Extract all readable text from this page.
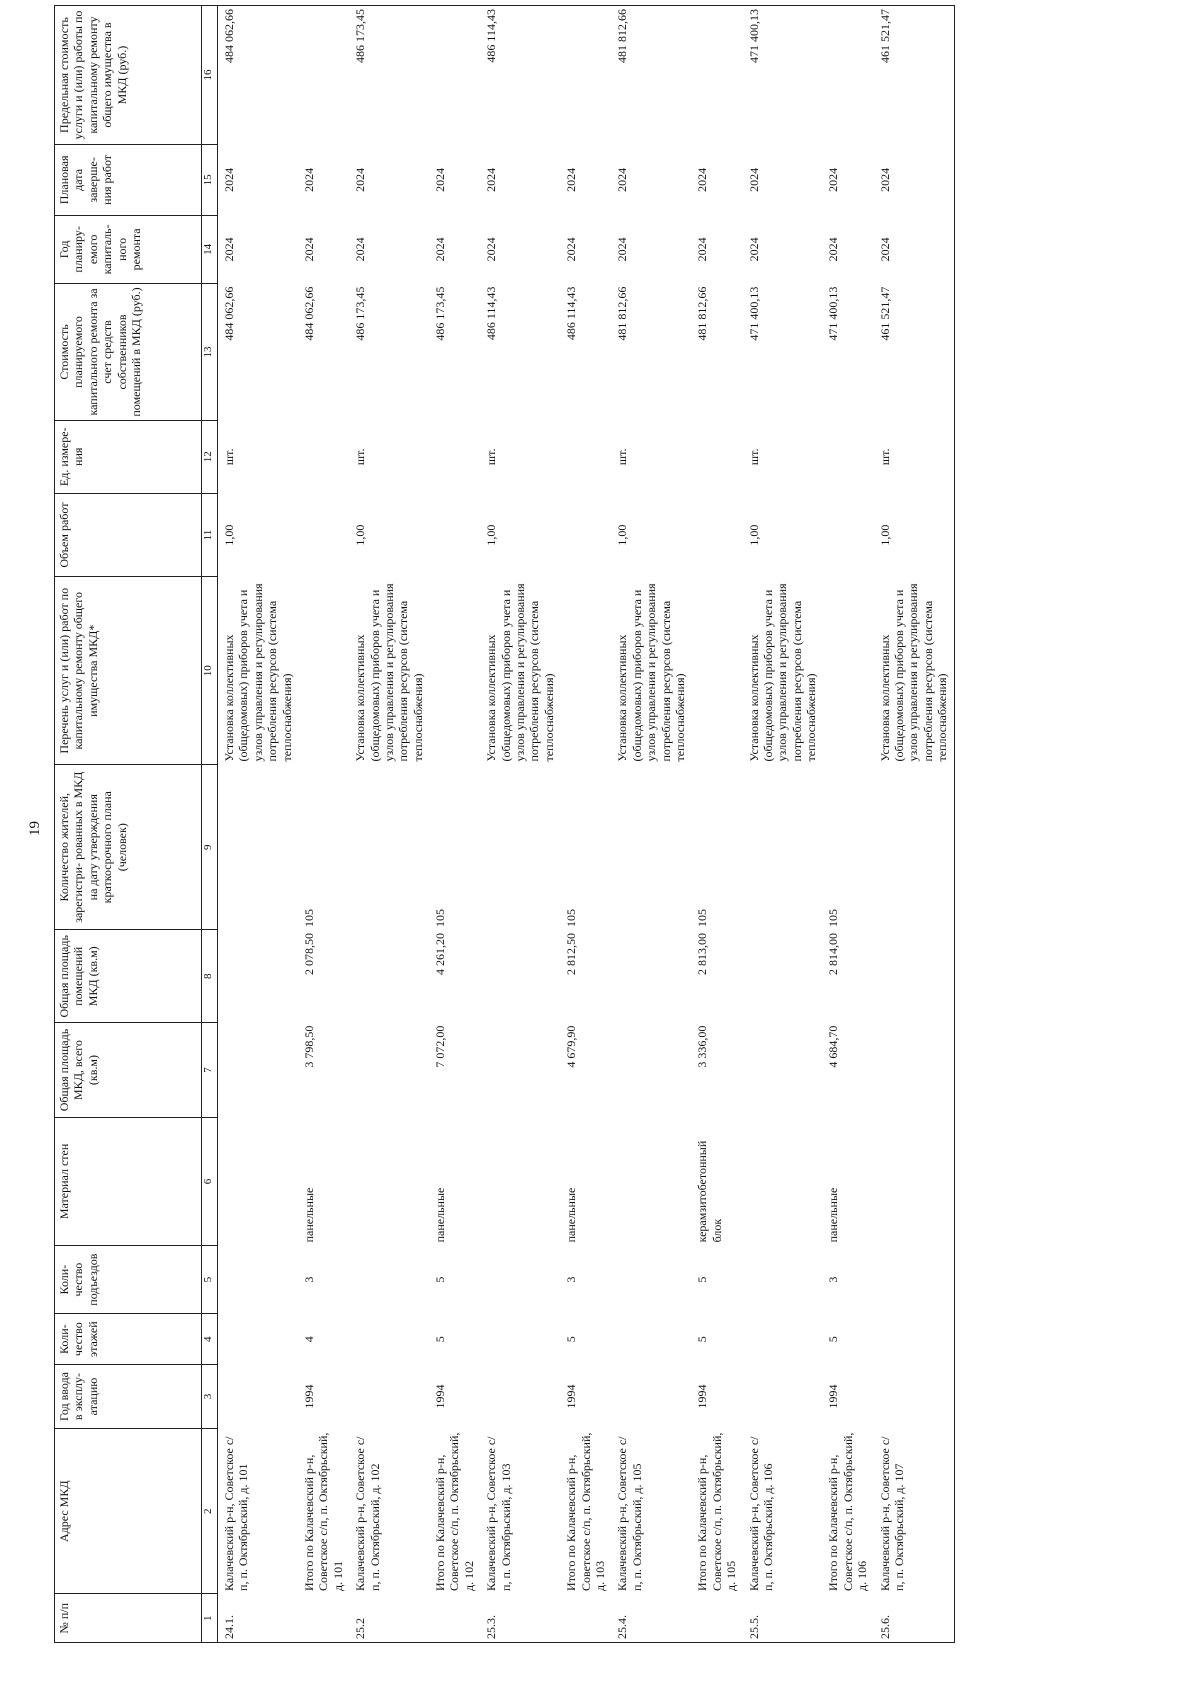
19
№ п/п	Адрес МКД	Год ввода в эксплу- атацию	Коли- чество этажей	Коли- чество подъездов	Материал стен	Общая площадь МКД, всего (кв.м)	Общая площадь помещений МКД (кв.м)	Количество жителей, зарегистри- рованных в МКД на дату утверждения краткосрочного плана (человек)	Перечень услуг и (или) работ по капитальному ремонту общего имущества МКД*	Объем работ	Ед. измере- ния	Стоимость планируемого капитального ремонта за счет средств собственников помещений в МКД (руб.)	Год планиру- емого капиталь- ного ремонта	Плановая дата заверше- ния работ	Предельная стоимость услуги и (или) работы по капитальному ремонту общего имущества в МКД (руб.)
1	2	3	4	5	6	7	8	9	10	11	12	13	14	15	16
24.1.	Калачевский р-н, Советское с/п, п. Октябрьский, д. 101								Установка коллективных (общедомовых) приборов учета и узлов управления и регулирования потребления ресурсов (система теплоснабжения)	1,00	шт.	484 062,66	2024	2024	484 062,66
	Итого по Калачевский р-н, Советское с/п, п. Октябрьский, д. 101	1994	4	3	панельные	3 798,50	2 078,50	105				484 062,66	2024	2024	
25.2	Калачевский р-н, Советское с/п, п. Октябрьский, д. 102								Установка коллективных (общедомовых) приборов учета и узлов управления и регулирования потребления ресурсов (система теплоснабжения)	1,00	шт.	486 173,45	2024	2024	486 173,45
	Итого по Калачевский р-н, Советское с/п, п. Октябрьский, д. 102	1994	5	5	панельные	7 072,00	4 261,20	105				486 173,45	2024	2024	
25.3.	Калачевский р-н, Советское с/п, п. Октябрьский, д. 103								Установка коллективных (общедомовых) приборов учета и узлов управления и регулирования потребления ресурсов (система теплоснабжения)	1,00	шт.	486 114,43	2024	2024	486 114,43
	Итого по Калачевский р-н, Советское с/п, п. Октябрьский, д. 103	1994	5	3	панельные	4 679,90	2 812,50	105				486 114,43	2024	2024	
25.4.	Калачевский р-н, Советское с/п, п. Октябрьский, д. 105								Установка коллективных (общедомовых) приборов учета и узлов управления и регулирования потребления ресурсов (система теплоснабжения)	1,00	шт.	481 812,66	2024	2024	481 812,66
	Итого по Калачевский р-н, Советское с/п, п. Октябрьский, д. 105	1994	5	5	керамзитобетонный блок	3 336,00	2 813,00	105				481 812,66	2024	2024	
25.5.	Калачевский р-н, Советское с/п, п. Октябрьский, д. 106								Установка коллективных (общедомовых) приборов учета и узлов управления и регулирования потребления ресурсов (система теплоснабжения)	1,00	шт.	471 400,13	2024	2024	471 400,13
	Итого по Калачевский р-н, Советское с/п, п. Октябрьский, д. 106	1994	5	3	панельные	4 684,70	2 814,00	105				471 400,13	2024	2024	
25.6.	Калачевский р-н, Советское с/п, п. Октябрьский, д. 107								Установка коллективных (общедомовых) приборов учета и узлов управления и регулирования потребления ресурсов (система теплоснабжения)	1,00	шт.	461 521,47	2024	2024	461 521,47
